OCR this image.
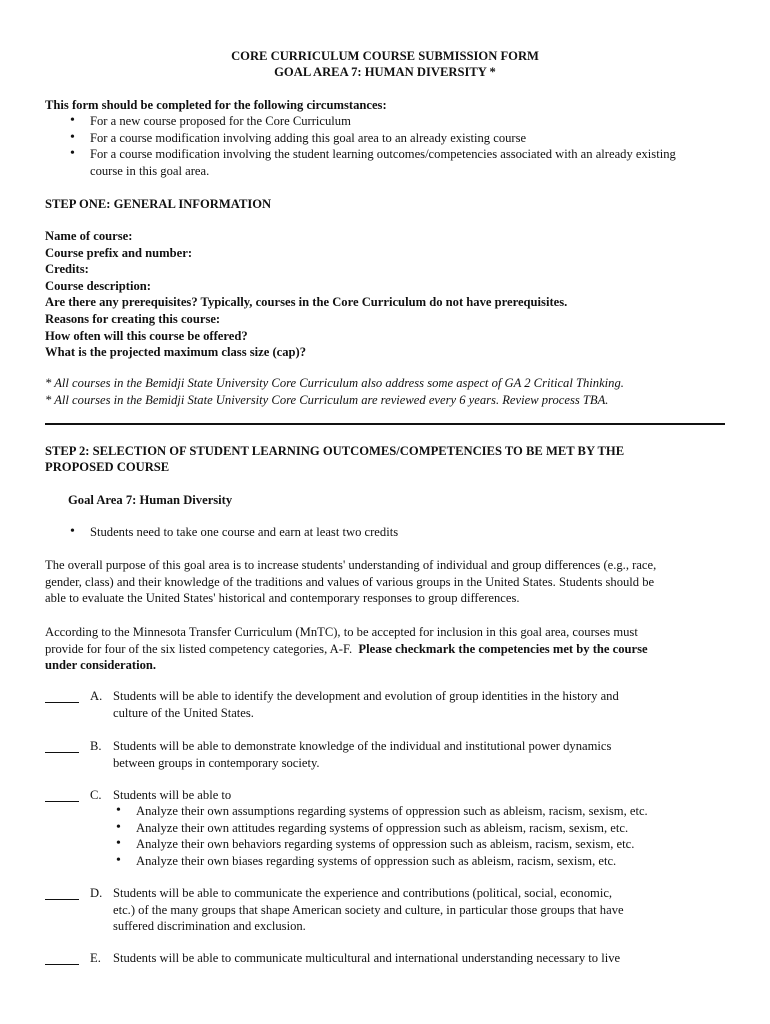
CORE CURRICULUM COURSE SUBMISSION FORM
GOAL AREA 7: HUMAN DIVERSITY *
This form should be completed for the following circumstances:
• For a new course proposed for the Core Curriculum
• For a course modification involving adding this goal area to an already existing course
• For a course modification involving the student learning outcomes/competencies associated with an already existing course in this goal area.
STEP ONE: GENERAL INFORMATION
Name of course:
Course prefix and number:
Credits:
Course description:
Are there any prerequisites? Typically, courses in the Core Curriculum do not have prerequisites.
Reasons for creating this course:
How often will this course be offered?
What is the projected maximum class size (cap)?
* All courses in the Bemidji State University Core Curriculum also address some aspect of GA 2 Critical Thinking.
* All courses in the Bemidji State University Core Curriculum are reviewed every 6 years. Review process TBA.
STEP 2: SELECTION OF STUDENT LEARNING OUTCOMES/COMPETENCIES TO BE MET BY THE
PROPOSED COURSE
Goal Area 7: Human Diversity
• Students need to take one course and earn at least two credits
The overall purpose of this goal area is to increase students' understanding of individual and group differences (e.g., race,
gender, class) and their knowledge of the traditions and values of various groups in the United States. Students should be
able to evaluate the United States' historical and contemporary responses to group differences.
According to the Minnesota Transfer Curriculum (MnTC), to be accepted for inclusion in this goal area, courses must
provide for four of the six listed competency categories, A-F.  Please checkmark the competencies met by the course
under consideration.
A. Students will be able to identify the development and evolution of group identities in the history and
culture of the United States.
B. Students will be able to demonstrate knowledge of the individual and institutional power dynamics
between groups in contemporary society.
C. Students will be able to
• Analyze their own assumptions regarding systems of oppression such as ableism, racism, sexism, etc.
• Analyze their own attitudes regarding systems of oppression such as ableism, racism, sexism, etc.
• Analyze their own behaviors regarding systems of oppression such as ableism, racism, sexism, etc.
• Analyze their own biases regarding systems of oppression such as ableism, racism, sexism, etc.
D. Students will be able to communicate the experience and contributions (political, social, economic,
etc.) of the many groups that shape American society and culture, in particular those groups that have
suffered discrimination and exclusion.
E. Students will be able to communicate multicultural and international understanding necessary to live
